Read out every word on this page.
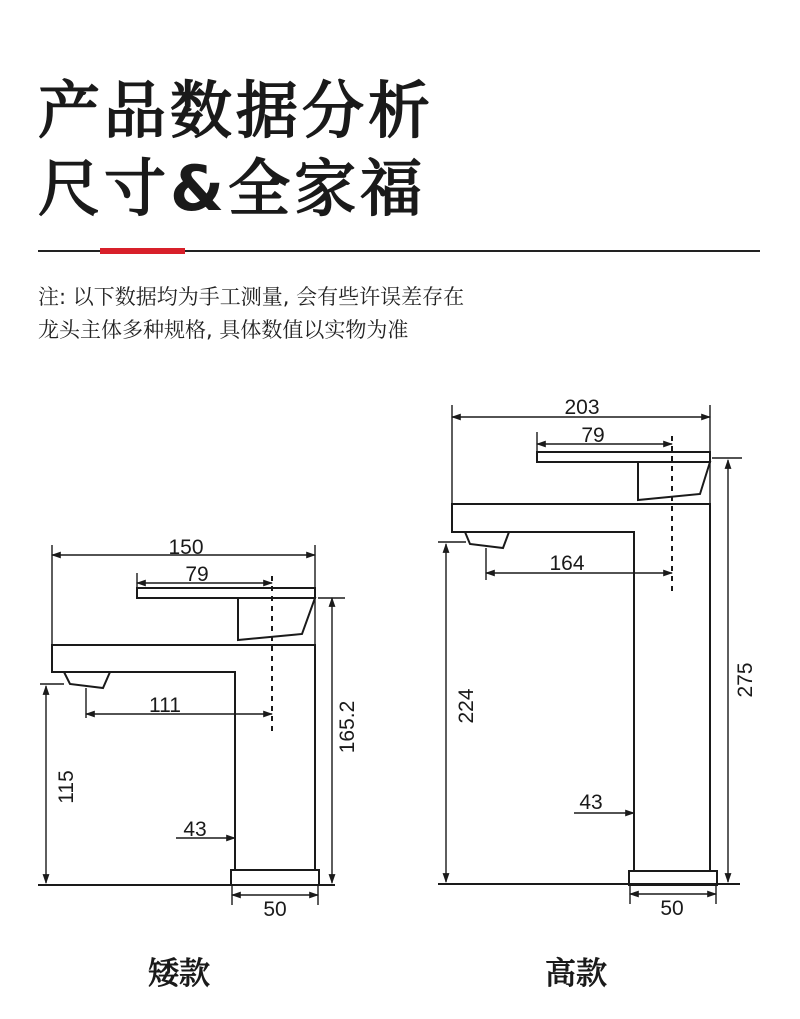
产品数据分析
尺寸&全家福
注: 以下数据均为手工测量, 会有些许误差存在
龙头主体多种规格, 具体数值以实物为准
150
79
111
43
50
165.2
115
203
79
164
43
50
275
224
矮款	高款
